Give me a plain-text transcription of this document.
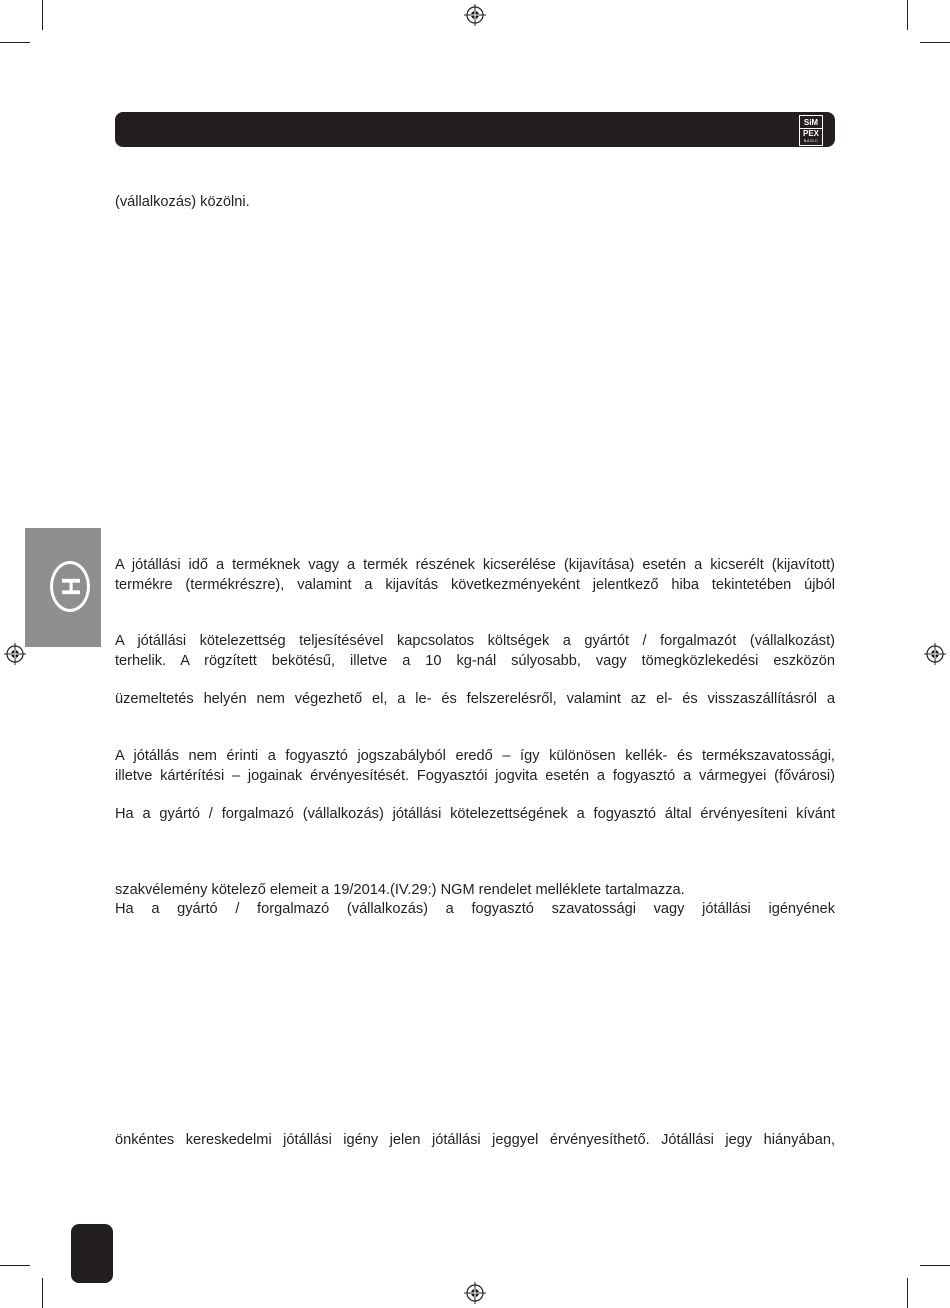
SiM
PEX
BASIC
H
(vállalkozás) közölni.
A jótállási idő a terméknek vagy a termék részének kicserélése (kijavítása) esetén a kicserélt (kijavított)
termékre (termékrészre), valamint a kijavítás következményeként jelentkező hiba tekintetében újból
A jótállási kötelezettség teljesítésével kapcsolatos költségek a gyártót / forgalmazót (vállalkozást)
terhelik. A rögzített bekötésű, illetve a 10 kg-nál súlyosabb, vagy tömegközlekedési eszközön
üzemeltetés helyén nem végezhető el, a le- és felszerelésről, valamint az el- és visszaszállításról a
A jótállás nem érinti a fogyasztó jogszabályból eredő – így különösen kellék- és termékszavatossági,
illetve kártérítési – jogainak érvényesítését. Fogyasztói jogvita esetén a fogyasztó a vármegyei (fővárosi)
Ha a gyártó / forgalmazó (vállalkozás) jótállási kötelezettségének a fogyasztó által érvényesíteni kívánt
szakvélemény kötelező elemeit a 19/2014.(IV.29:) NGM rendelet melléklete tartalmazza.
Ha a gyártó / forgalmazó (vállalkozás) a fogyasztó szavatossági vagy jótállási igényének
önkéntes kereskedelmi jótállási igény jelen jótállási jeggyel érvényesíthető. Jótállási jegy hiányában,
